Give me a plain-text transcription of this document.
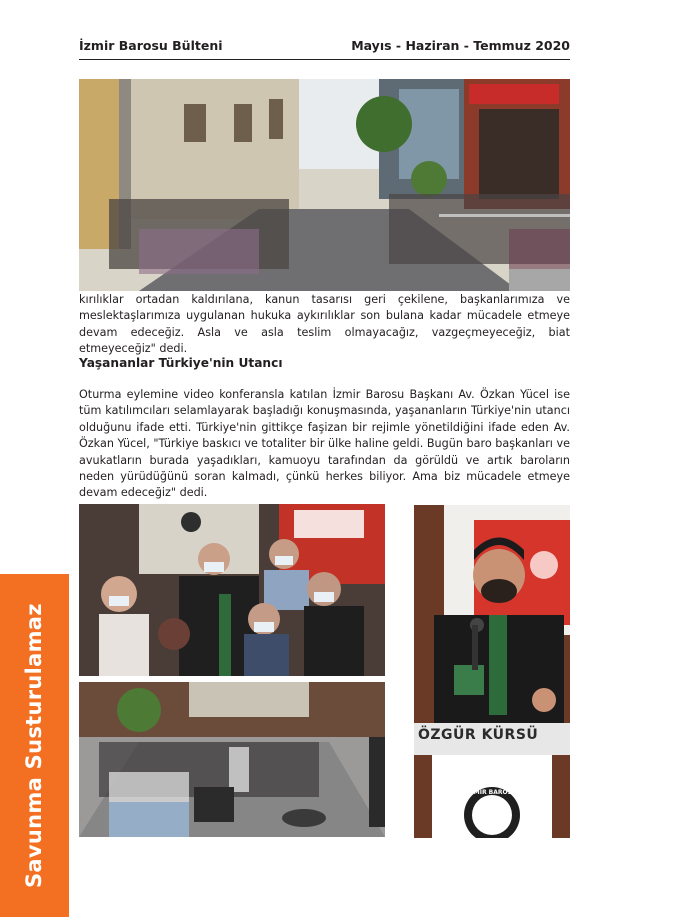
İzmir Barosu Bülteni	Mayıs - Haziran - Temmuz 2020

kırılıklar ortadan kaldırılana, kanun tasarısı geri çekilene, başkanlarımıza ve meslektaşlarımıza uygulanan hukuka aykırılıklar son bulana kadar mücadele etmeye devam edeceğiz. Asla ve asla teslim olmayacağız, vazgeçmeyeceğiz, biat etmeyeceğiz" dedi.

Yaşananlar Türkiye'nin Utancı

Oturma eylemine video konferansla katılan İzmir Barosu Başkanı Av. Özkan Yücel ise tüm katılımcıları selamlayarak başladığı konuşmasında, yaşananların Türkiye'nin utancı olduğunu ifade etti. Türkiye'nin gittikçe faşizan bir rejimle yönetildiğini ifade eden Av. Özkan Yücel, "Türkiye baskıcı ve totaliter bir ülke haline geldi. Bugün baro başkanları ve avukatların burada yaşadıkları, kamuoyu tarafından da görüldü ve artık baroların neden yürüdüğünü soran kalmadı, çünkü herkes biliyor. Ama biz mücadele etmeye devam edeceğiz" dedi.

ÖZGÜR KÜRSÜ
İZMİR BAROSU
Savunma Susturulamaz
